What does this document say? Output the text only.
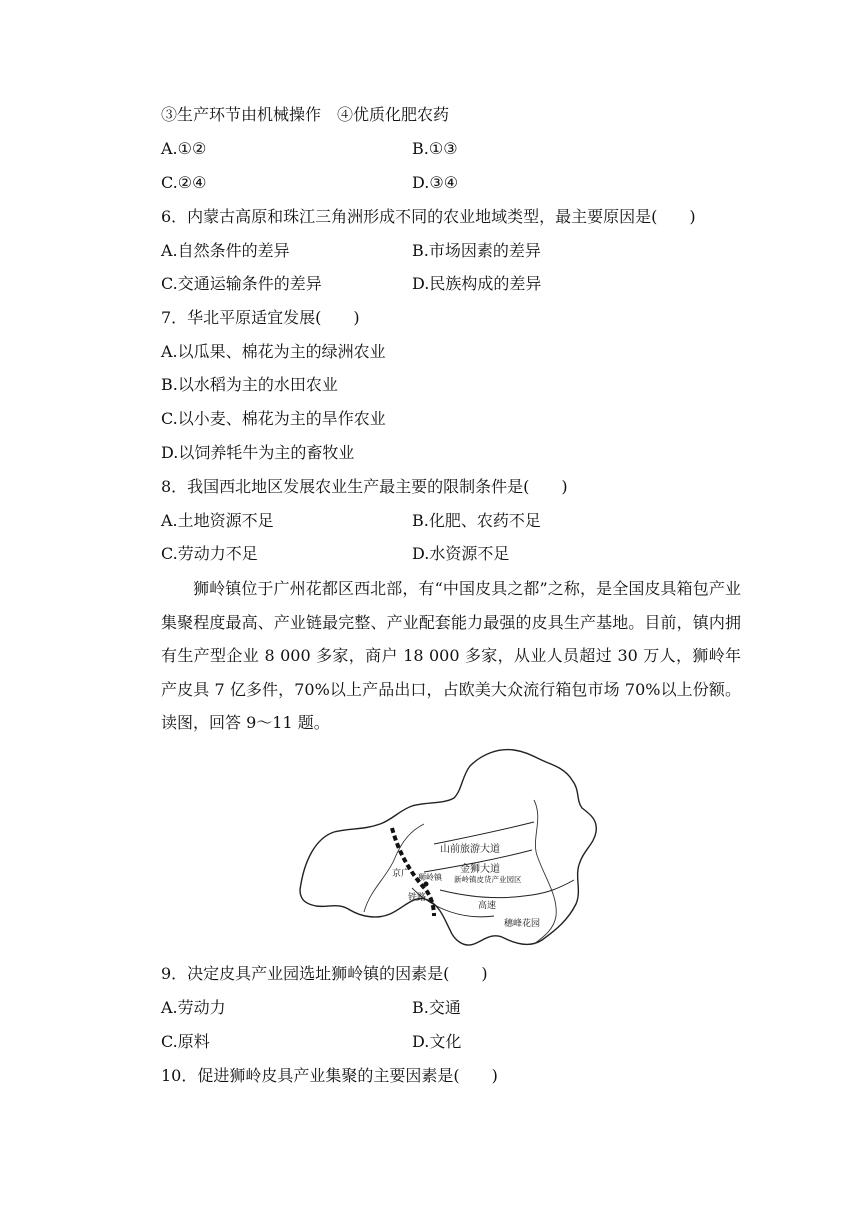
③生产环节由机械操作　④优质化肥农药
A.①②	B.①③
C.②④	D.③④
6．内蒙古高原和珠江三角洲形成不同的农业地域类型，最主要原因是(　　)
A.自然条件的差异	B.市场因素的差异
C.交通运输条件的差异	D.民族构成的差异
7．华北平原适宜发展(　　)
A.以瓜果、棉花为主的绿洲农业
B.以水稻为主的水田农业
C.以小麦、棉花为主的旱作农业
D.以饲养牦牛为主的畜牧业
8．我国西北地区发展农业生产最主要的限制条件是(　　)
A.土地资源不足	B.化肥、农药不足
C.劳动力不足	D.水资源不足
狮岭镇位于广州花都区西北部，有“中国皮具之都”之称，是全国皮具箱包产业集聚程度最高、产业链最完整、产业配套能力最强的皮具生产基地。目前，镇内拥有生产型企业 8 000 多家，商户 18 000 多家，从业人员超过 30 万人，狮岭年产皮具 7 亿多件，70%以上产品出口，占欧美大众流行箱包市场 70%以上份额。读图，回答 9～11 题。
山前旅游大道
金狮大道
狮岭镇 新岭镇皮货产业园区
京广
铁路
高速
穗峰花园
9．决定皮具产业园选址狮岭镇的因素是(　　)
A.劳动力	B.交通
C.原料	D.文化
10．促进狮岭皮具产业集聚的主要因素是(　　)
